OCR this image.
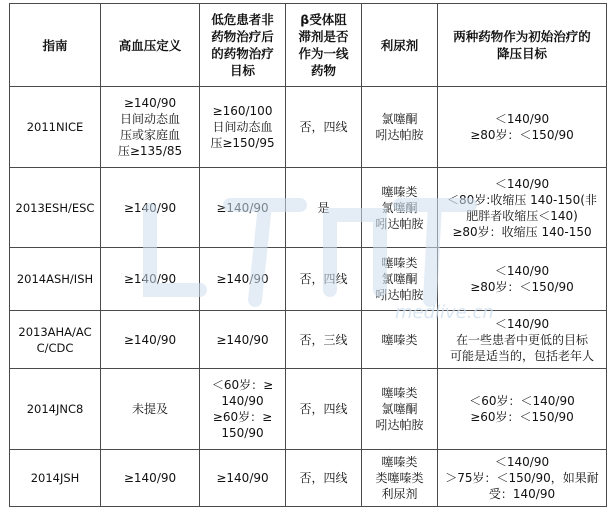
medlive.cn
指南	高血压定义	低危患者非
药物治疗后
的药物治疗
目标	β受体阻
滞剂是否
作为一线
药物	利尿剂	两种药物作为初始治疗的
降压目标

2011NICE	≥140/90
日间动态血
压或家庭血
压≥135/85	≥160/100
日间动态血
压≥150/95	否，四线	氯噻酮
吲达帕胺	＜140/90
≥80岁：＜150/90

2013ESH/ESC	≥140/90	≥140/90	是	噻嗪类
氯噻酮
吲达帕胺	＜140/90
＜80岁:收缩压 140-150(非
肥胖者收缩压＜140)
≥80岁：收缩压 140-150

2014ASH/ISH	≥140/90	≥140/90	否，四线	噻嗪类
氯噻酮
吲达帕胺	＜140/90
≥80岁：＜150/90

2013AHA/AC
C/CDC	≥140/90	≥140/90	否，三线	噻嗪类	＜140/90
在一些患者中更低的目标
可能是适当的，包括老年人

2014JNC8	未提及	＜60岁：≥
140/90
≥60岁：≥
150/90	否，四线	噻嗪类
氯噻酮
吲达帕胺	＜60岁：＜140/90
≥60岁：＜150/90

2014JSH	≥140/90	≥140/90	否，四线	噻嗪类
类噻嗪类
利尿剂	＜140/90
＞75岁：＜150/90，如果耐
受：140/90
